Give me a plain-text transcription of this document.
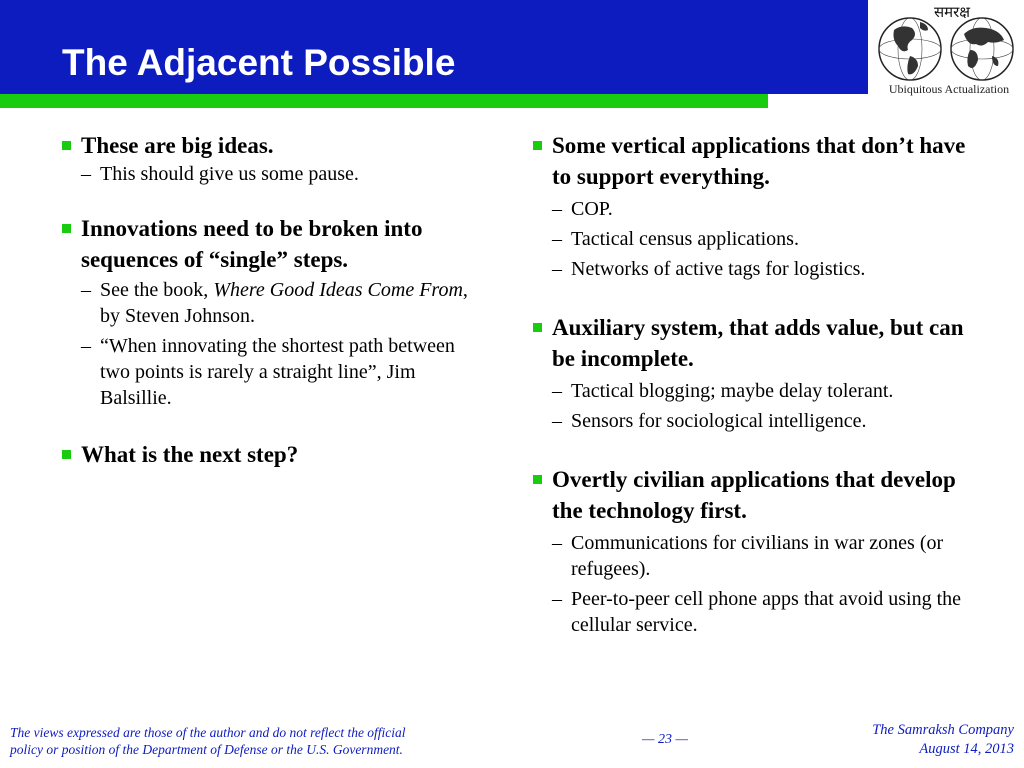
The Adjacent Possible
समरक्ष
Ubiquitous Actualization
These are big ideas.
– This should give us some pause.
Innovations need to be broken into sequences of “single” steps.
– See the book, Where Good Ideas Come From, by Steven Johnson.
– “When innovating the shortest path between two points is rarely a straight line”, Jim Balsillie.
What is the next step?
Some vertical applications that don’t have to support everything.
– COP.
– Tactical census applications.
– Networks of active tags for logistics.
Auxiliary system, that adds value, but can be incomplete.
– Tactical blogging; maybe delay tolerant.
– Sensors for sociological intelligence.
Overtly civilian applications that develop the technology first.
– Communications for civilians in war zones (or refugees).
– Peer-to-peer cell phone apps that avoid using the cellular service.
The views expressed are those of the author and do not reflect the official
policy or position of the Department of Defense or the U.S. Government.
— 23 —
The Samraksh Company
August 14, 2013
